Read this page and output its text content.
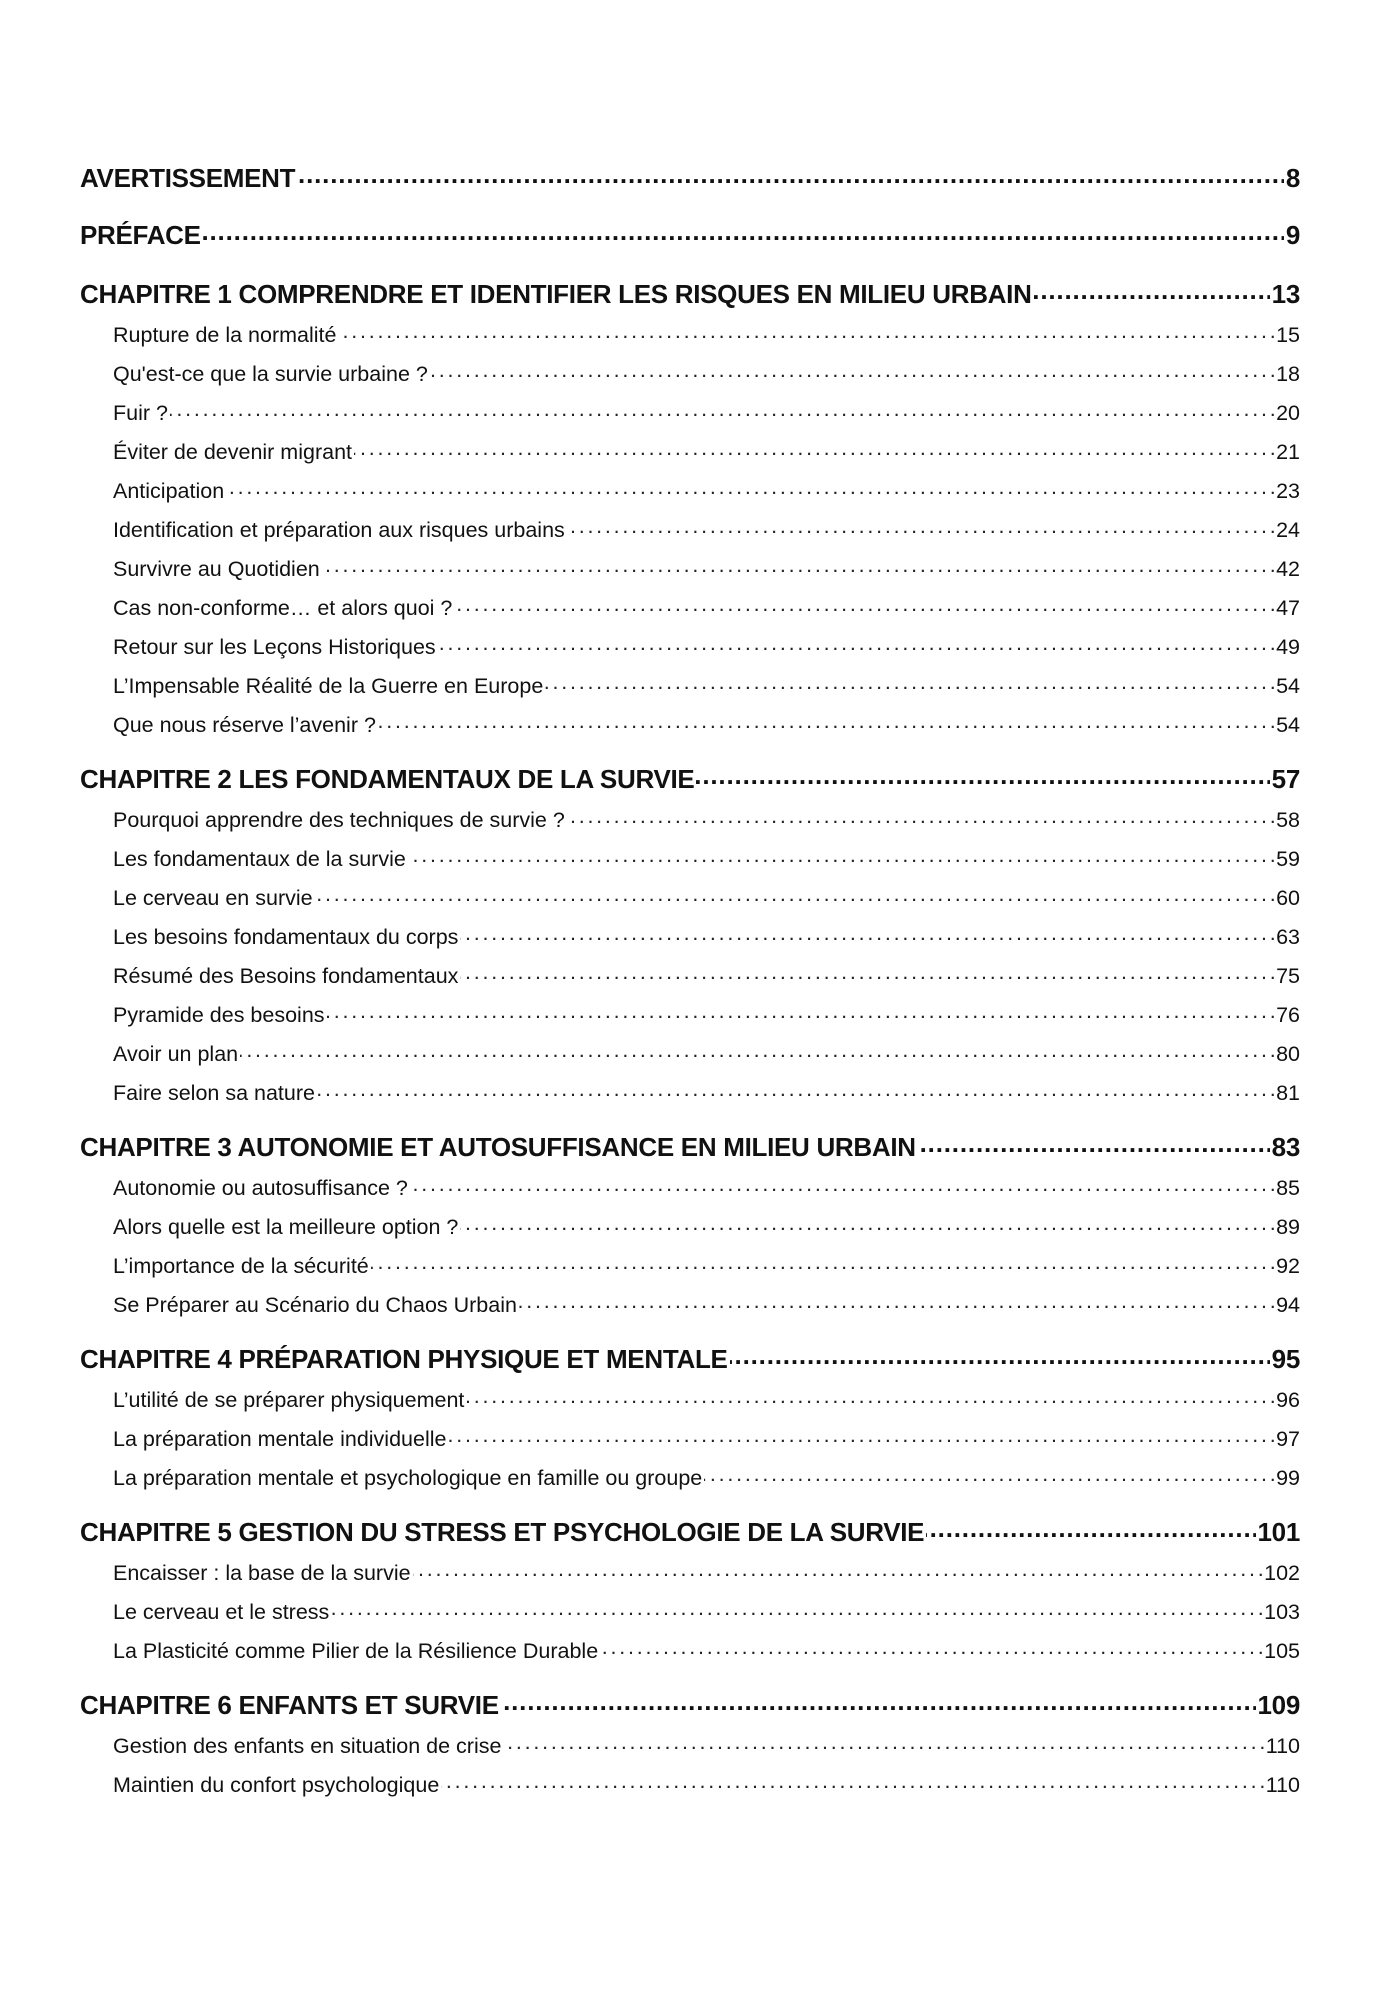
AVERTISSEMENT . . .	8
PRÉFACE . . .	9
CHAPITRE 1 COMPRENDRE ET IDENTIFIER LES RISQUES EN MILIEU URBAIN . . .	13
Rupture de la normalité . . .	15
Qu'est-ce que la survie urbaine ? . . .	18
Fuir ? . . .	20
Éviter de devenir migrant . . .	21
Anticipation . . .	23
Identification et préparation aux risques urbains . . .	24
Survivre au Quotidien . . .	42
Cas non-conforme… et alors quoi ? . . .	47
Retour sur les Leçons Historiques . . .	49
L’Impensable Réalité de la Guerre en Europe . . .	54
Que nous réserve l’avenir ? . . .	54
CHAPITRE 2 LES FONDAMENTAUX DE LA SURVIE . . .	57
Pourquoi apprendre des techniques de survie ? . . .	58
Les fondamentaux de la survie . . .	59
Le cerveau en survie . . .	60
Les besoins fondamentaux du corps . . .	63
Résumé des Besoins fondamentaux . . .	75
Pyramide des besoins . . .	76
Avoir un plan . . .	80
Faire selon sa nature . . .	81
CHAPITRE 3 AUTONOMIE ET AUTOSUFFISANCE EN MILIEU URBAIN . . .	83
Autonomie ou autosuffisance ? . . .	85
Alors quelle est la meilleure option ? . . .	89
L’importance de la sécurité . . .	92
Se Préparer au Scénario du Chaos Urbain . . .	94
CHAPITRE 4 PRÉPARATION PHYSIQUE ET MENTALE . . .	95
L’utilité de se préparer physiquement . . .	96
La préparation mentale individuelle . . .	97
La préparation mentale et psychologique en famille ou groupe . . .	99
CHAPITRE 5 GESTION DU STRESS ET PSYCHOLOGIE DE LA SURVIE . . .	101
Encaisser : la base de la survie . . .	102
Le cerveau et le stress . . .	103
La Plasticité comme Pilier de la Résilience Durable . . .	105
CHAPITRE 6 ENFANTS ET SURVIE . . .	109
Gestion des enfants en situation de crise . . .	110
Maintien du confort psychologique . . .	110
